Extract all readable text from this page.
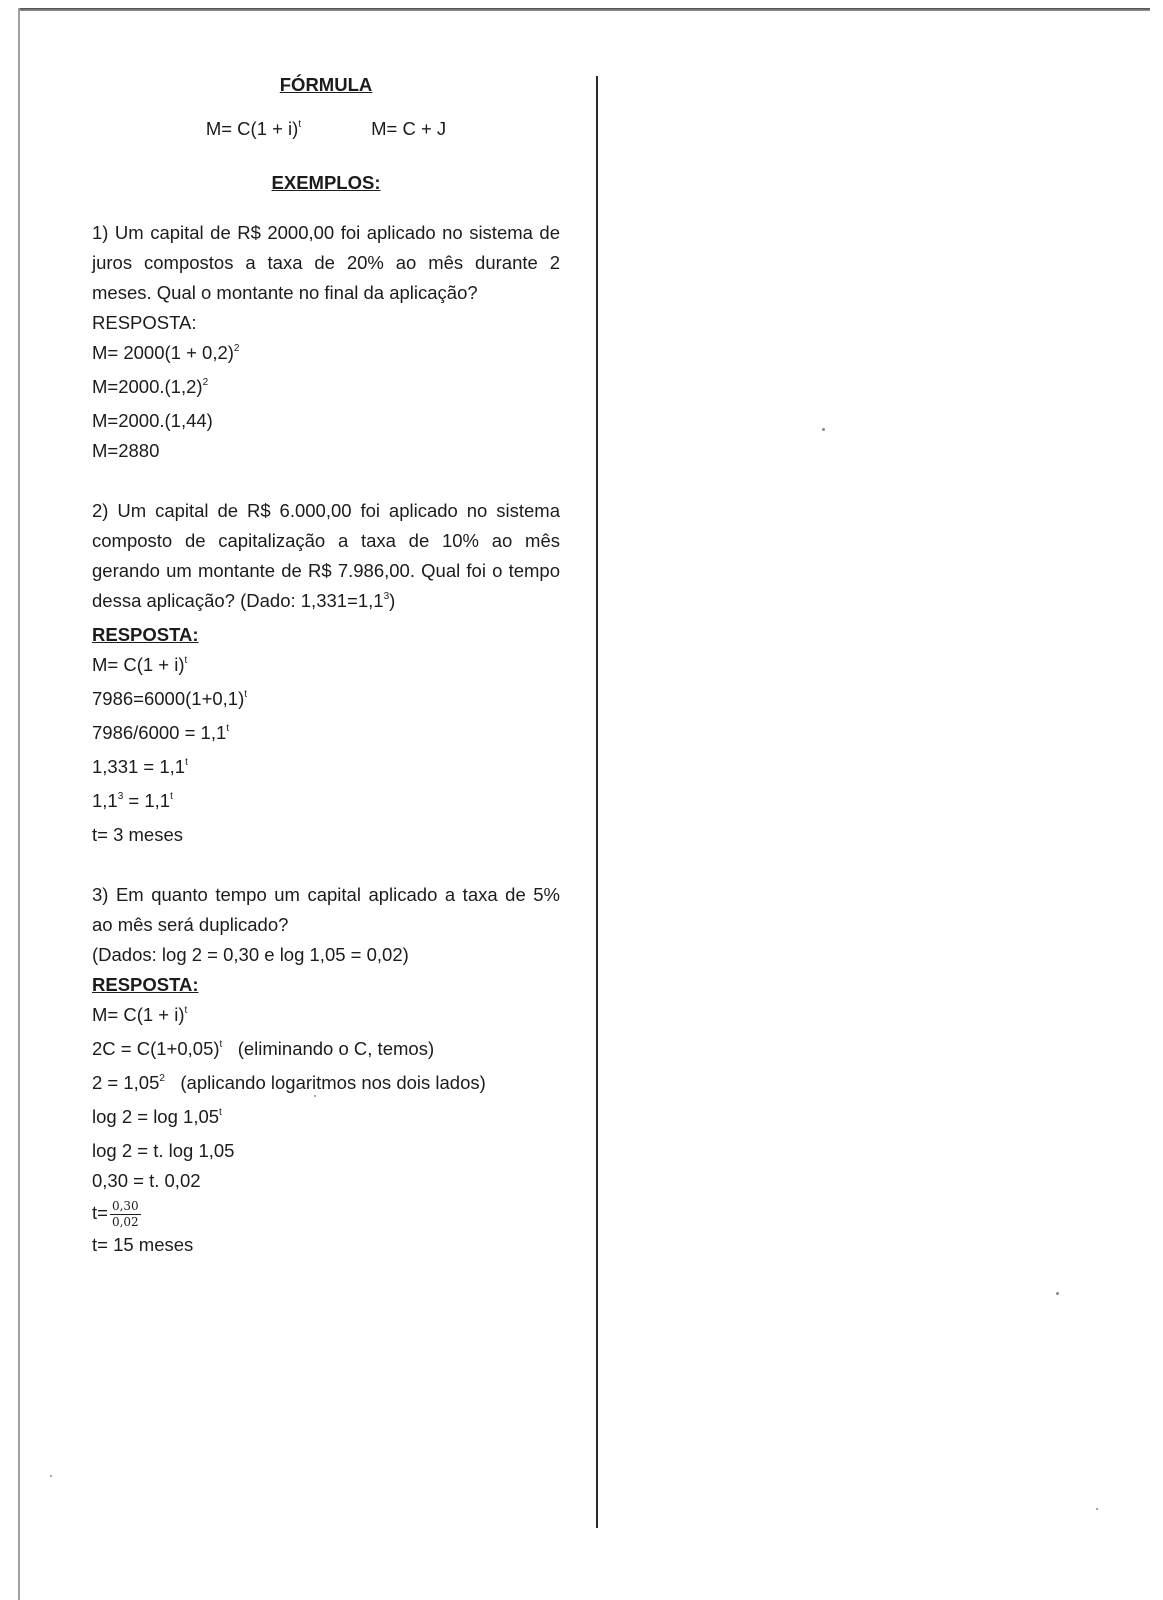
FÓRMULA
$M= C(1 + i)^t$	M= C + J
EXEMPLOS:
1) Um capital de R$ 2000,00 foi aplicado no sistema de juros compostos a taxa de 20% ao mês durante 2 meses. Qual o montante no final da aplicação?
RESPOSTA:
$M= 2000(1 + 0,2)^2$
$M=2000.(1,2)^2$
M=2000.(1,44)
M=2880
2) Um capital de R$ 6.000,00 foi aplicado no sistema composto de capitalização a taxa de 10% ao mês gerando um montante de R$ 7.986,00. Qual foi o tempo dessa aplicação? (Dado: $1,331=1,1^3$)
RESPOSTA:
$M= C(1 + i)^t$
$7986=6000(1+0,1)^t$
$7986/6000 = 1,1^t$
$1,331 = 1,1^t$
$1,1^3 = 1,1^t$
t= 3 meses
3) Em quanto tempo um capital aplicado a taxa de 5% ao mês será duplicado?
(Dados: log 2 = 0,30 e log 1,05 = 0,02)
RESPOSTA:
$M= C(1 + i)^t$
$2C = C(1+0,05)^t$   (eliminando o C, temos)
$2 = 1,05^2$   (aplicando logaritmos nos dois lados)
log 2 = log 1,05$^t$
log 2 = t. log 1,05
0,30 = t. 0,02
$t= \frac{0,30}{0,02}$
t= 15 meses
